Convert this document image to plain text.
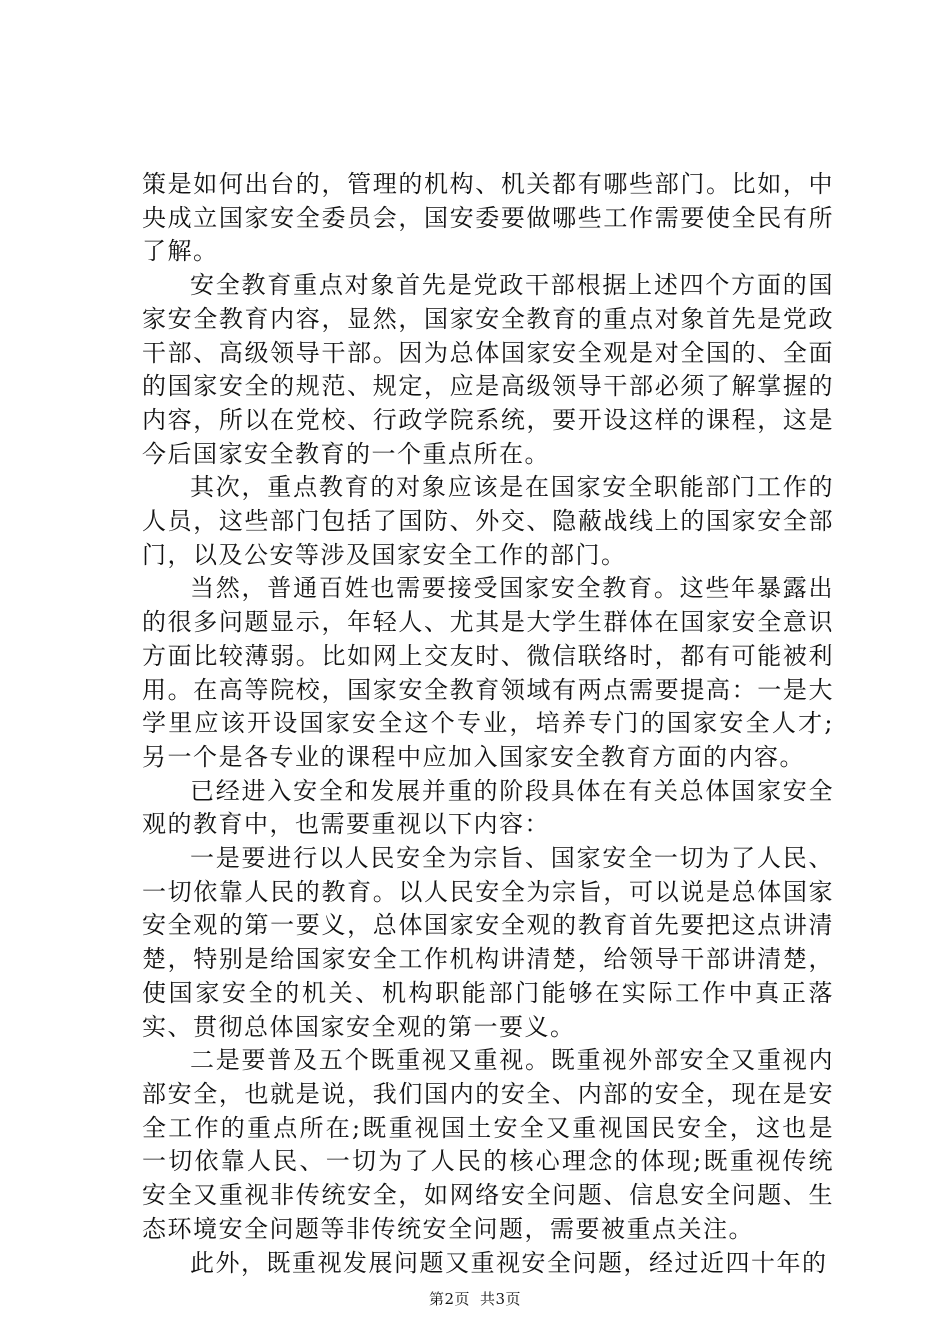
策是如何出台的，管理的机构、机关都有哪些部门。比如，中央成立国家安全委员会，国安委要做哪些工作需要使全民有所了解。

安全教育重点对象首先是党政干部根据上述四个方面的国家安全教育内容，显然，国家安全教育的重点对象首先是党政干部、高级领导干部。因为总体国家安全观是对全国的、全面的国家安全的规范、规定，应是高级领导干部必须了解掌握的内容，所以在党校、行政学院系统，要开设这样的课程，这是今后国家安全教育的一个重点所在。

其次，重点教育的对象应该是在国家安全职能部门工作的人员，这些部门包括了国防、外交、隐蔽战线上的国家安全部门，以及公安等涉及国家安全工作的部门。

当然，普通百姓也需要接受国家安全教育。这些年暴露出的很多问题显示，年轻人、尤其是大学生群体在国家安全意识方面比较薄弱。比如网上交友时、微信联络时，都有可能被利用。在高等院校，国家安全教育领域有两点需要提高：一是大学里应该开设国家安全这个专业，培养专门的国家安全人才;另一个是各专业的课程中应加入国家安全教育方面的内容。

已经进入安全和发展并重的阶段具体在有关总体国家安全观的教育中，也需要重视以下内容：

一是要进行以人民安全为宗旨、国家安全一切为了人民、一切依靠人民的教育。以人民安全为宗旨，可以说是总体国家安全观的第一要义，总体国家安全观的教育首先要把这点讲清楚，特别是给国家安全工作机构讲清楚，给领导干部讲清楚，使国家安全的机关、机构职能部门能够在实际工作中真正落实、贯彻总体国家安全观的第一要义。

二是要普及五个既重视又重视。既重视外部安全又重视内部安全，也就是说，我们国内的安全、内部的安全，现在是安全工作的重点所在;既重视国土安全又重视国民安全，这也是一切依靠人民、一切为了人民的核心理念的体现;既重视传统安全又重视非传统安全，如网络安全问题、信息安全问题、生态环境安全问题等非传统安全问题，需要被重点关注。

此外，既重视发展问题又重视安全问题，经过近四十年的

第2页 共3页
